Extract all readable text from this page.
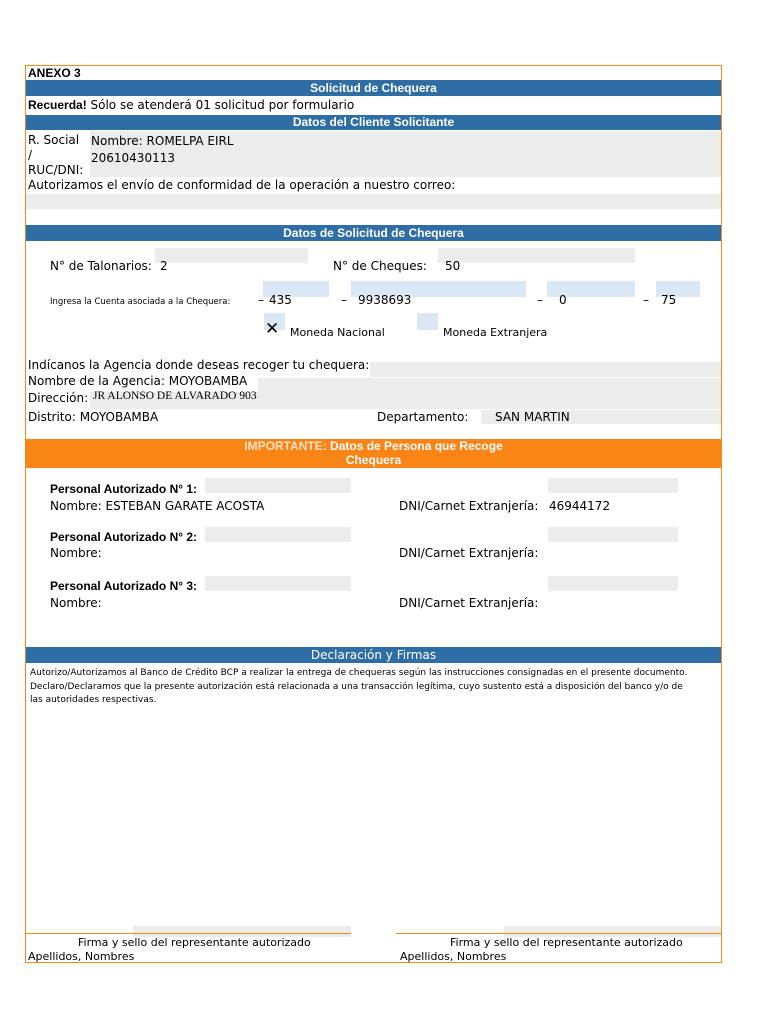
ANEXO 3
Solicitud de Chequera
Recuerda! Sólo se atenderá 01 solicitud por formulario
Datos del Cliente Solicitante
R. Social
/
RUC/DNI:
Nombre: ROMELPA EIRL
20610430113
Autorizamos el envío de conformidad de la operación a nuestro correo:
Datos de Solicitud de Chequera
N° de Talonarios: 2	N° de Cheques: 50
Ingresa la Cuenta asociada a la Chequera: – 435	– 9938693	– 0	– 75
✕ Moneda Nacional	Moneda Extranjera
Indícanos la Agencia donde deseas recoger tu chequera:
Nombre de la Agencia: MOYOBAMBA
Dirección: JR ALONSO DE ALVARADO 903
Distrito: MOYOBAMBA	Departamento: SAN MARTIN
IMPORTANTE: Datos de Persona que Recoge
Chequera
Personal Autorizado N° 1:
Nombre: ESTEBAN GARATE ACOSTA	DNI/Carnet Extranjería: 46944172
Personal Autorizado N° 2:
Nombre:	DNI/Carnet Extranjería:
Personal Autorizado N° 3:
Nombre:	DNI/Carnet Extranjería:
Declaración y Firmas
Autorizo/Autorizamos al Banco de Crédito BCP a realizar la entrega de chequeras según las instrucciones consignadas en el presente documento. Declaro/Declaramos que la presente autorización está relacionada a una transacción legítima, cuyo sustento está a disposición del banco y/o de las autoridades respectivas.
Firma y sello del representante autorizado
Apellidos, Nombres
Firma y sello del representante autorizado
Apellidos, Nombres
